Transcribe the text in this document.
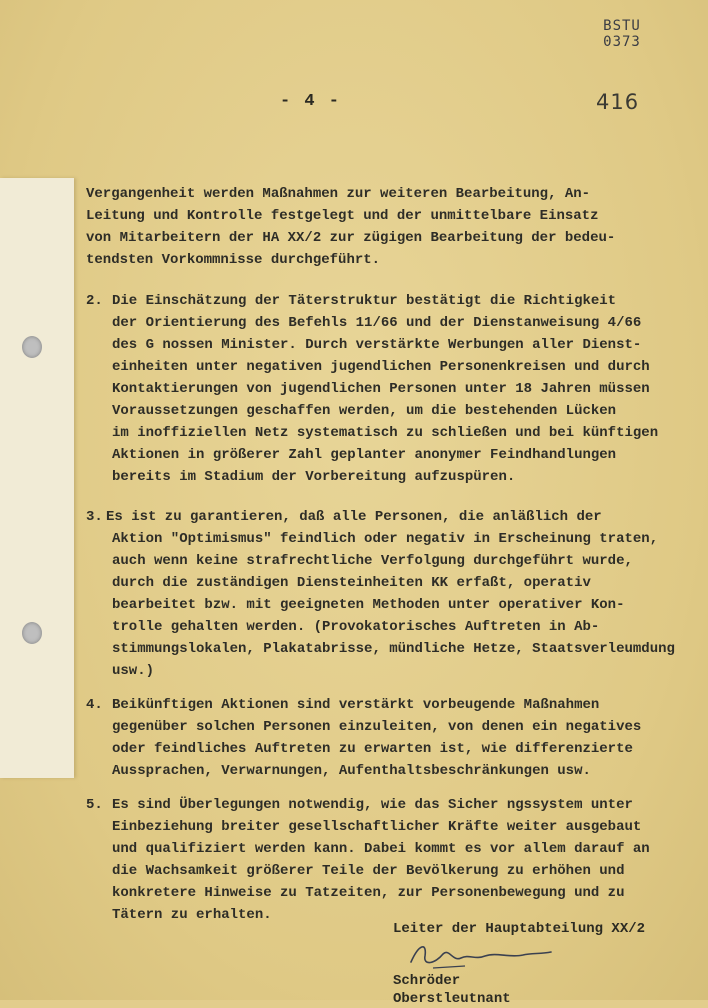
BSTU
0373
- 4 -	416
Vergangenheit werden Maßnahmen zur weiteren Bearbeitung, An-
Leitung und Kontrolle festgelegt und der unmittelbare Einsatz
von Mitarbeitern der HA XX/2 zur zügigen Bearbeitung der bedeu-
tendsten Vorkommnisse durchgeführt.
2. Die Einschätzung der Täterstruktur bestätigt die Richtigkeit
der Orientierung des Befehls 11/66 und der Dienstanweisung 4/66
des G nossen Minister. Durch verstärkte Werbungen aller Dienst-
einheiten unter negativen jugendlichen Personenkreisen und durch
Kontaktierungen von jugendlichen Personen unter 18 Jahren müssen
Voraussetzungen geschaffen werden, um die bestehenden Lücken
im inoffiziellen Netz systematisch zu schließen und bei künftigen
Aktionen in größerer Zahl geplanter anonymer Feindhandlungen
bereits im Stadium der Vorbereitung aufzuspüren.
3. Es ist zu garantieren, daß alle Personen, die anläßlich der
Aktion "Optimismus" feindlich oder negativ in Erscheinung traten,
auch wenn keine strafrechtliche Verfolgung durchgeführt wurde,
durch die zuständigen Diensteinheiten KK erfaßt, operativ
bearbeitet bzw. mit geeigneten Methoden unter operativer Kon-
trolle gehalten werden. (Provokatorisches Auftreten in Ab-
stimmungslokalen, Plakatabrisse, mündliche Hetze, Staatsverleumdung
usw.)
4. Beikünftigen Aktionen sind verstärkt vorbeugende Maßnahmen
gegenüber solchen Personen einzuleiten, von denen ein negatives
oder feindliches Auftreten zu erwarten ist, wie differenzierte
Aussprachen, Verwarnungen, Aufenthaltsbeschränkungen usw.
5. Es sind Überlegungen notwendig, wie das Sicher ngssystem unter
Einbeziehung breiter gesellschaftlicher Kräfte weiter ausgebaut
und qualifiziert werden kann. Dabei kommt es vor allem darauf an
die Wachsamkeit größerer Teile der Bevölkerung zu erhöhen und
konkretere Hinweise zu Tatzeiten, zur Personenbewegung und zu
Tätern zu erhalten.
Leiter der Hauptabteilung XX/2
Schröder
Oberstleutnant
